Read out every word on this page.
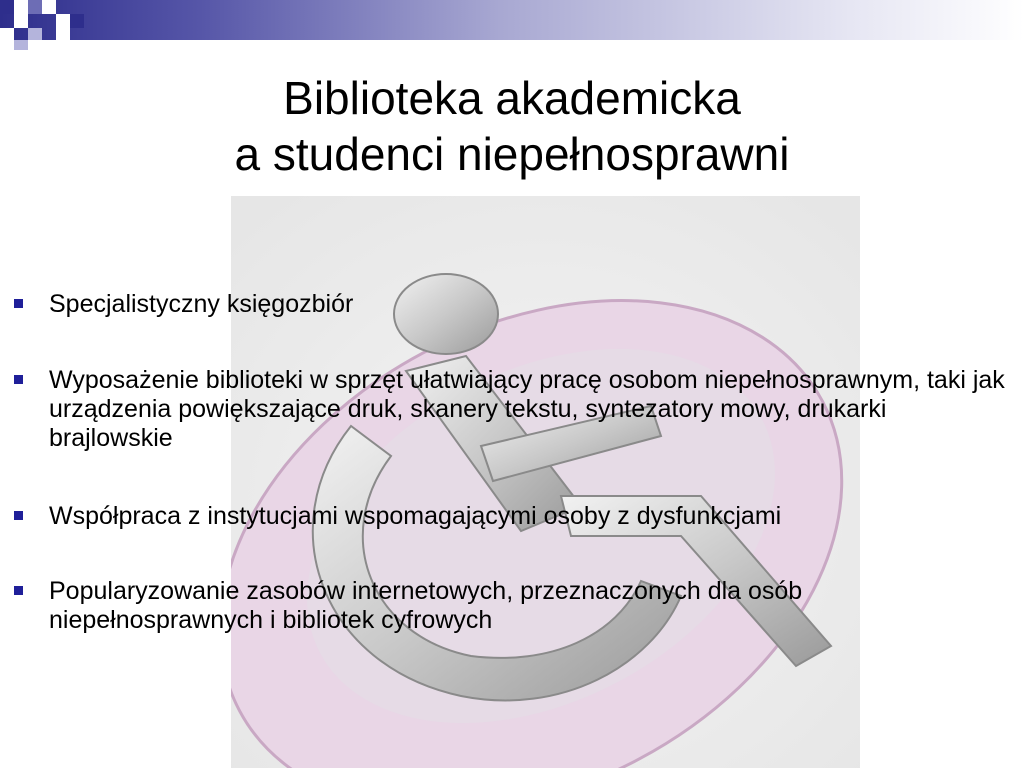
Biblioteka akademicka
a studenci niepełnosprawni
Specjalistyczny księgozbiór
Wyposażenie biblioteki w sprzęt ułatwiający pracę osobom niepełnosprawnym, taki jak urządzenia powiększające druk, skanery tekstu, syntezatory mowy, drukarki brajlowskie
Współpraca z instytucjami wspomagającymi osoby z dysfunkcjami
Popularyzowanie zasobów internetowych, przeznaczonych dla osób niepełnosprawnych i bibliotek cyfrowych
